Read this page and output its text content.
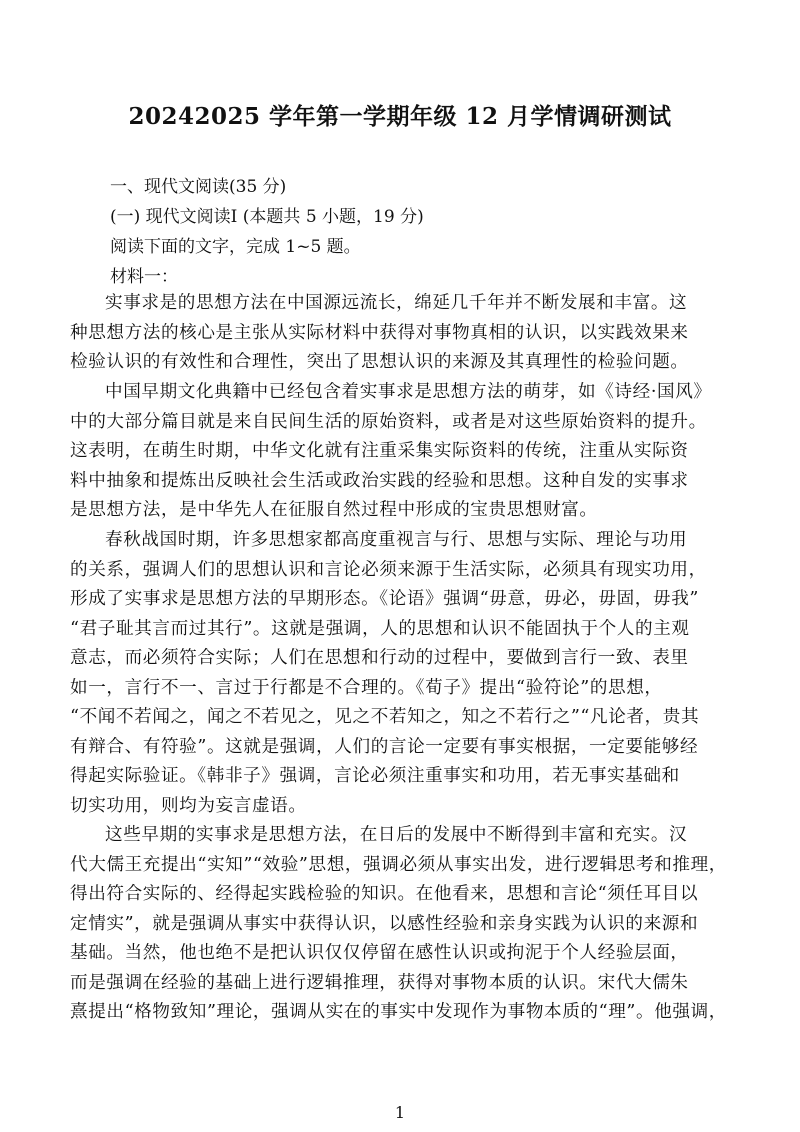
20242025 学年第一学期年级 12 月学情调研测试
一、现代文阅读(35 分)
(一) 现代文阅读I (本题共 5 小题，19 分)
阅读下面的文字，完成 1~5 题。
材料一：
实事求是的思想方法在中国源远流长，绵延几千年并不断发展和丰富。这
种思想方法的核心是主张从实际材料中获得对事物真相的认识，以实践效果来
检验认识的有效性和合理性，突出了思想认识的来源及其真理性的检验问题。
中国早期文化典籍中已经包含着实事求是思想方法的萌芽，如《诗经·国风》
中的大部分篇目就是来自民间生活的原始资料，或者是对这些原始资料的提升。
这表明，在萌生时期，中华文化就有注重采集实际资料的传统，注重从实际资
料中抽象和提炼出反映社会生活或政治实践的经验和思想。这种自发的实事求
是思想方法，是中华先人在征服自然过程中形成的宝贵思想财富。
春秋战国时期，许多思想家都高度重视言与行、思想与实际、理论与功用
的关系，强调人们的思想认识和言论必须来源于生活实际，必须具有现实功用，
形成了实事求是思想方法的早期形态。《论语》强调“毋意，毋必，毋固，毋我”
“君子耻其言而过其行”。这就是强调，人的思想和认识不能固执于个人的主观
意志，而必须符合实际；人们在思想和行动的过程中，要做到言行一致、表里
如一，言行不一、言过于行都是不合理的。《荀子》提出“验符论”的思想，
“不闻不若闻之，闻之不若见之，见之不若知之，知之不若行之”“凡论者，贵其
有辩合、有符验”。这就是强调，人们的言论一定要有事实根据，一定要能够经
得起实际验证。《韩非子》强调，言论必须注重事实和功用，若无事实基础和
切实功用，则均为妄言虚语。
这些早期的实事求是思想方法，在日后的发展中不断得到丰富和充实。汉
代大儒王充提出“实知”“效验”思想，强调必须从事实出发，进行逻辑思考和推理，
得出符合实际的、经得起实践检验的知识。在他看来，思想和言论“须任耳目以
定情实”，就是强调从事实中获得认识，以感性经验和亲身实践为认识的来源和
基础。当然，他也绝不是把认识仅仅停留在感性认识或拘泥于个人经验层面，
而是强调在经验的基础上进行逻辑推理，获得对事物本质的认识。宋代大儒朱
熹提出“格物致知”理论，强调从实在的事实中发现作为事物本质的“理”。他强调，
1
